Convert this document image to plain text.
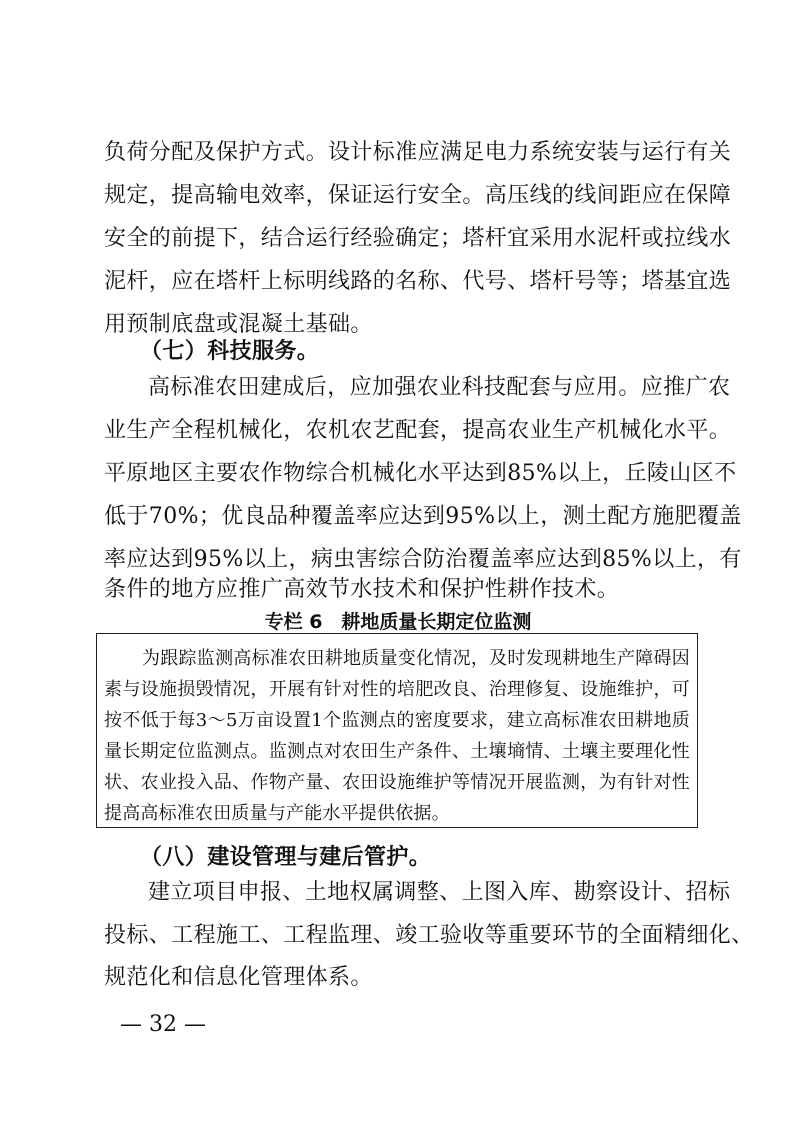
负荷分配及保护方式。设计标准应满足电力系统安装与运行有关
规定，提高输电效率，保证运行安全。高压线的线间距应在保障
安全的前提下，结合运行经验确定；塔杆宜采用水泥杆或拉线水
泥杆，应在塔杆上标明线路的名称、代号、塔杆号等；塔基宜选
用预制底盘或混凝土基础。
（七）科技服务。
高标准农田建成后，应加强农业科技配套与应用。应推广农
业生产全程机械化，农机农艺配套，提高农业生产机械化水平。
平原地区主要农作物综合机械化水平达到85%以上，丘陵山区不
低于70%；优良品种覆盖率应达到95%以上，测土配方施肥覆盖
率应达到95%以上，病虫害综合防治覆盖率应达到85%以上，有
条件的地方应推广高效节水技术和保护性耕作技术。
专栏 6　耕地质量长期定位监测
为跟踪监测高标准农田耕地质量变化情况，及时发现耕地生产障碍因
素与设施损毁情况，开展有针对性的培肥改良、治理修复、设施维护，可
按不低于每3～5万亩设置1个监测点的密度要求，建立高标准农田耕地质
量长期定位监测点。监测点对农田生产条件、土壤墒情、土壤主要理化性
状、农业投入品、作物产量、农田设施维护等情况开展监测，为有针对性
提高高标准农田质量与产能水平提供依据。
（八）建设管理与建后管护。
建立项目申报、土地权属调整、上图入库、勘察设计、招标
投标、工程施工、工程监理、竣工验收等重要环节的全面精细化、
规范化和信息化管理体系。
— 32 —
